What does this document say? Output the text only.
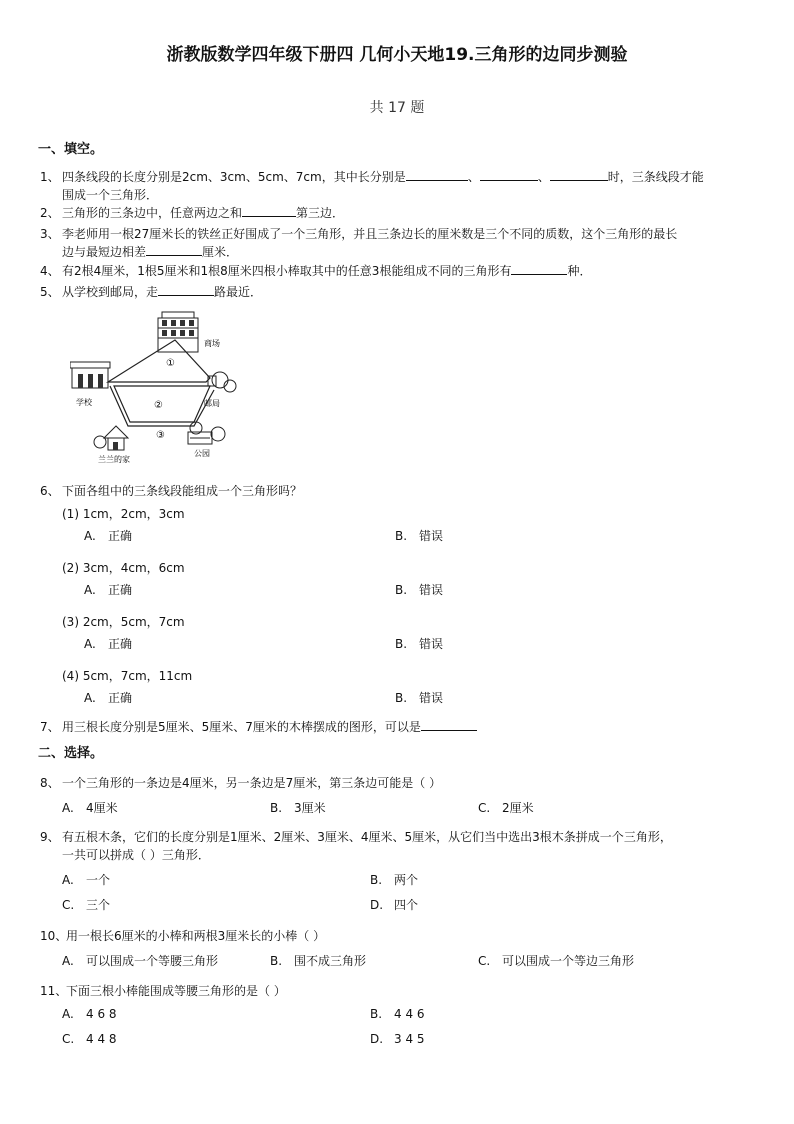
浙教版数学四年级下册四 几何小天地19.三角形的边同步测验
共 17 题
一、填空。
1、 四条线段的长度分别是2cm、3cm、5cm、7cm，其中长分别是	、	、	时，三条线段才能
围成一个三角形．
2、 三角形的三条边中，任意两边之和	第三边．
3、 李老师用一根27厘米长的铁丝正好围成了一个三角形，并且三条边长的厘米数是三个不同的质数，这个三角形的最长
边与最短边相差	厘米．
4、 有2根4厘米，1根5厘米和1根8厘米四根小棒取其中的任意3根能组成不同的三角形有	种．
5、 从学校到邮局，走	路最近．
商场
学校	邮局
兰兰的家
公园
①
②
③
6、 下面各组中的三条线段能组成一个三角形吗？
(1) 1cm，2cm，3cm
A. 正确	B. 错误
(2) 3cm，4cm，6cm
A. 正确	B. 错误
(3) 2cm，5cm，7cm
A. 正确	B. 错误
(4) 5cm，7cm，11cm
A. 正确	B. 错误
7、 用三根长度分别是5厘米、5厘米、7厘米的木棒摆成的图形，可以是
二、选择。
8、 一个三角形的一条边是4厘米，另一条边是7厘米，第三条边可能是（ ）
A. 4厘米	B. 3厘米	C. 2厘米
9、 有五根木条，它们的长度分别是1厘米、2厘米、3厘米、4厘米、5厘米，从它们当中选出3根木条拼成一个三角形，
一共可以拼成（ ）三角形．
A. 一个	B. 两个
C. 三个	D. 四个
10、
用一根长6厘米的小棒和两根3厘米长的小棒（ ）
A. 可以围成一个等腰三角形	B. 围不成三角形	C. 可以围成一个等边三角形
11、
下面三根小棒能围成等腰三角形的是（ ）
A. 4 6 8	B. 4 4 6
C. 4 4 8	D. 3 4 5
